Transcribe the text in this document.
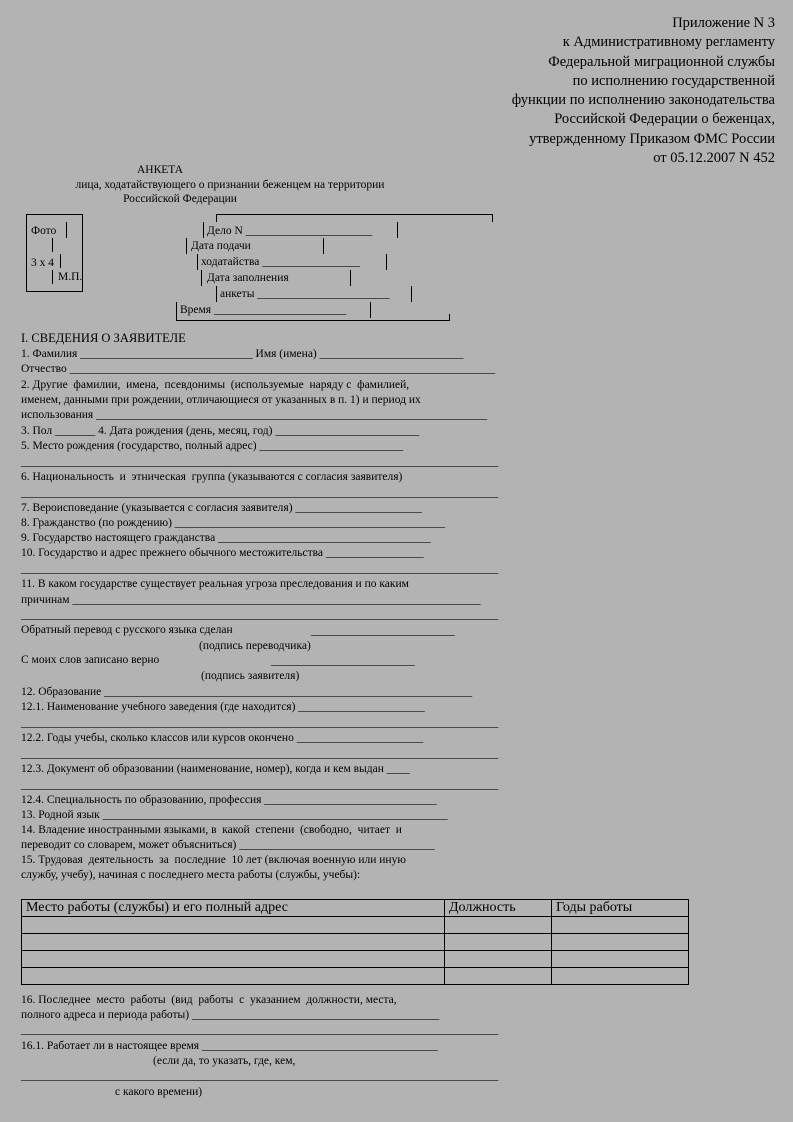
Приложение N 3
к Административному регламенту
Федеральной миграционной службы
по исполнению государственной
функции по исполнению законодательства
Российской Федерации о беженцах,
утвержденному Приказом ФМС России
от 05.12.2007 N 452
АНКЕТА
лица, ходатайствующего о признании беженцем на территории
Российской Федерации
Фото
3 x 4
М.П.
Дело N ______________________
Дата подачи
ходатайства _________________
Дата заполнения
анкеты _______________________
Время _______________________
I. СВЕДЕНИЯ О ЗАЯВИТЕЛЕ
1. Фамилия ______________________________ Имя (имена) _________________________
Отчество __________________________________________________________________________
2. Другие  фамилии,  имена,  псевдонимы  (используемые  наряду с  фамилией,
именем, данными при рождении, отличающиеся от указанных в п. 1) и период их
использования ____________________________________________________________________
3. Пол _______ 4. Дата рождения (день, месяц, год) _________________________
5. Место рождения (государство, полный адрес) _________________________
___________________________________________________________________________________
6. Национальность  и  этническая  группа (указываются с согласия заявителя)
___________________________________________________________________________________
7. Вероисповедание (указывается с согласия заявителя) ______________________
8. Гражданство (по рождению) _______________________________________________
9. Государство настоящего гражданства _____________________________________
10. Государство и адрес прежнего обычного местожительства _________________
___________________________________________________________________________________
11. В каком государстве существует реальная угроза преследования и по каким
причинам _______________________________________________________________________
___________________________________________________________________________________
Обратный перевод с русского языка сделан	_________________________
(подпись переводчика)
С моих слов записано верно	_________________________
(подпись заявителя)
12. Образование ________________________________________________________________
12.1. Наименование учебного заведения (где находится) ______________________
___________________________________________________________________________________
12.2. Годы учебы, сколько классов или курсов окончено ______________________
___________________________________________________________________________________
12.3. Документ об образовании (наименование, номер), когда и кем выдан ____
___________________________________________________________________________________
12.4. Специальность по образованию, профессия ______________________________
13. Родной язык ____________________________________________________________
14. Владение иностранными языками, в  какой  степени  (свободно,  читает  и
переводит со словарем, может объясниться) __________________________________
15. Трудовая  деятельность  за  последние  10 лет (включая военную или иную
службу, учебу), начиная с последнего места работы (службы, учебы):
Место работы (службы) и его полный адрес	Должность	Годы работы

16. Последнее  место  работы  (вид  работы  с  указанием  должности, места,
полного адреса и периода работы) ___________________________________________
___________________________________________________________________________________
16.1. Работает ли в настоящее время _________________________________________
(если да, то указать, где, кем,
___________________________________________________________________________________
с какого времени)
